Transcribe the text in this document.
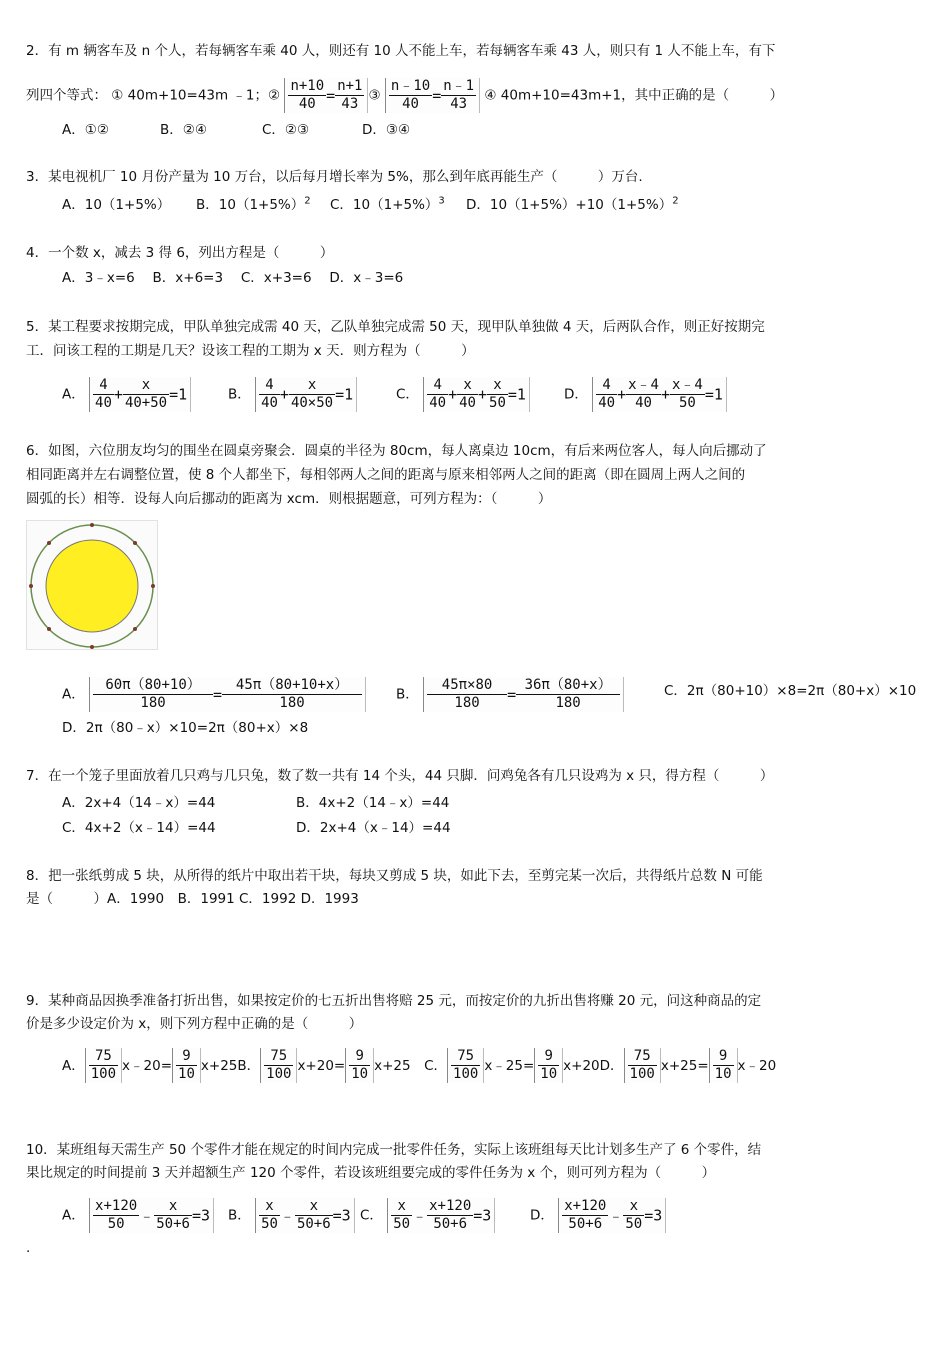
2．有 m 辆客车及 n 个人，若每辆客车乘 40 人，则还有 10 人不能上车，若每辆客车乘 43 人，则只有 1 人不能上车，有下
列四个等式： ① 40m+10=43m ﹣1；② $\frac{n+10}{40} = \frac{n+1}{43}$ ③ $\frac{n﹣10}{40} = \frac{n﹣1}{43}$ ④ 40m+10=43m+1，其中正确的是（　　　）
A．①②	B．②④	C．②③	D．③④
3．某电视机厂 10 月份产量为 10 万台，以后每月增长率为 5%，那么到年底再能生产（　　　）万台.
A．10（1+5%） B．$10(1+5\%)^2$ C．$10(1+5\%)^3$ D．$10(1+5\%)+10(1+5\%)^2$
4．一个数 x，减去 3 得 6，列出方程是（　　　）
A．3﹣x=6　 B．x+6=3　 C．x+3=6　 D．x﹣3=6
5．某工程要求按期完成，甲队单独完成需 40 天，乙队单独完成需 50 天，现甲队单独做 4 天，后两队合作，则正好按期完
工．问该工程的工期是几天？设该工程的工期为 x 天．则方程为（　　　）
A． $\frac{4}{40} + \frac{x}{40+50} =1$	B． $\frac{4}{40} + \frac{x}{40\times 50} =1$	C． $\frac{4}{40} + \frac{x}{40} + \frac{x}{50} =1$	D． $\frac{4}{40} + \frac{x﹣4}{40} + \frac{x﹣4}{50} =1$
6．如图，六位朋友均匀的围坐在圆桌旁聚会．圆桌的半径为 80cm，每人离桌边 10cm，有后来两位客人，每人向后挪动了
相同距离并左右调整位置，使 8 个人都坐下，每相邻两人之间的距离与原来相邻两人之间的距离（即在圆周上两人之间的
圆弧的长）相等．设每人向后挪动的距离为 xcm．则根据题意，可列方程为：（　　　）
A． $\frac{60\pi(80+10)}{180} = \frac{45\pi(80+10+x)}{180}$	B． $\frac{45\pi\times 80}{180} = \frac{36\pi(80+x)}{180}$	C．2π（80+10）×8=2π（80+x）×10
D．2π（80﹣x）×10=2π（80+x）×8
7．在一个笼子里面放着几只鸡与几只兔，数了数一共有 14 个头，44 只脚．问鸡兔各有几只设鸡为 x 只，得方程（　　　）
A．2x+4（14﹣x）=44	B．4x+2（14﹣x）=44
C．4x+2（x﹣14）=44	D．2x+4（x﹣14）=44
8．把一张纸剪成 5 块，从所得的纸片中取出若干块，每块又剪成 5 块，如此下去，至剪完某一次后，共得纸片总数 N 可能
是（　　　）A．1990　B．1991 C．1992 D．1993
9．某种商品因换季准备打折出售，如果按定价的七五折出售将赔 25 元，而按定价的九折出售将赚 20 元，问这种商品的定
价是多少设定价为 x，则下列方程中正确的是（　　　）
A． $\frac{75}{100}$ x﹣20= $\frac{9}{10} x+25B$． $\frac{75}{100} x+20= \frac{9}{10} x+25$　 C． $\frac{75}{100}$ x﹣25= $\frac{9}{10} x+20D$． $\frac{75}{100} x+25= \frac{9}{10}$ x﹣20
10．某班组每天需生产 50 个零件才能在规定的时间内完成一批零件任务，实际上该班组每天比计划多生产了 6 个零件，结
果比规定的时间提前 3 天并超额生产 120 个零件，若设该班组要完成的零件任务为 x 个，则可列方程为（　　　）
A． $\frac{x+120}{50}$ ﹣ $\frac{x}{50+6} =3$ B． $\frac{x}{50}$ ﹣ $\frac{x}{50+6} =3$ C． $\frac{x}{50}$ ﹣ $\frac{x+120}{50+6} =3$	D． $\frac{x+120}{50+6}$ ﹣ $\frac{x}{50} =3$
.
